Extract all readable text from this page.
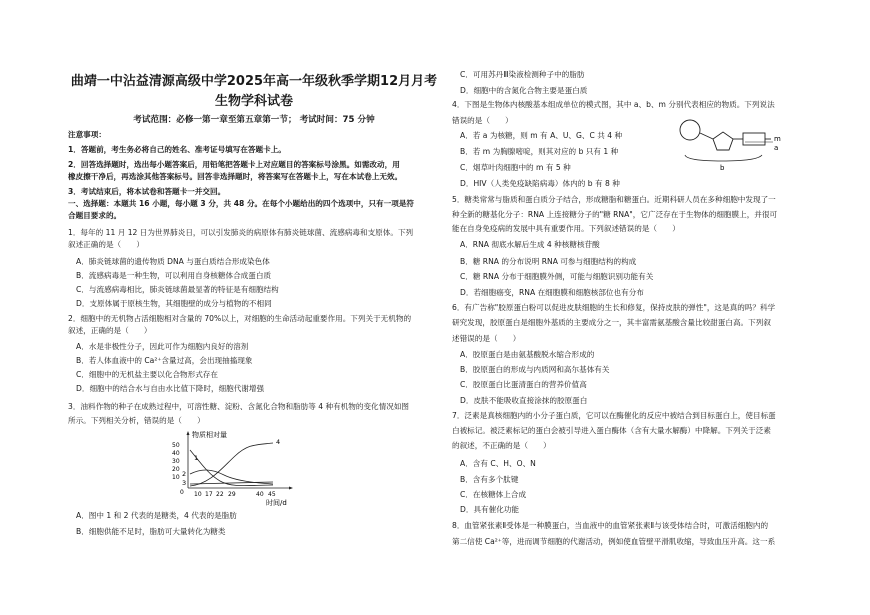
曲靖一中沾益清源高级中学2025年高一年级秋季学期12月月考
生物学科试卷
考试范围：必修一第一章至第五章第一节； 考试时间：75 分钟
注意事项：
1．答题前，考生务必将自己的姓名、准考证号填写在答题卡上。
2．回答选择题时，选出每小题答案后，用铅笔把答题卡上对应题目的答案标号涂黑。如需改动，用
橡皮擦干净后，再选涂其他答案标号。回答非选择题时，将答案写在答题卡上，写在本试卷上无效。
3．考试结束后，将本试卷和答题卡一并交回。
一、选择题：本题共 16 小题，每小题 3 分，共 48 分。在每个小题给出的四个选项中，只有一项是符
合题目要求的。
1．每年的 11 月 12 日为世界肺炎日，可以引发肺炎的病原体有肺炎链球菌、流感病毒和支原体。下列
叙述正确的是（　　）
A．肺炎链球菌的遗传物质 DNA 与蛋白质结合形成染色体
B．流感病毒是一种生物，可以利用自身核糖体合成蛋白质
C．与流感病毒相比，肺炎链球菌最显著的特征是有细胞结构
D．支原体属于原核生物，其细胞壁的成分与植物的不相同
2．细胞中的无机物占活细胞相对含量的 70%以上，对细胞的生命活动起重要作用。下列关于无机物的
叙述，正确的是（　　）
A．水是非极性分子，因此可作为细胞内良好的溶剂
B．若人体血液中的 Ca²⁺含量过高，会出现抽搐现象
C．细胞中的无机盐主要以化合物形式存在
D．细胞中的结合水与自由水比值下降时，细胞代谢增强
3．油料作物的种子在成熟过程中，可溶性糖、淀粉、含氮化合物和脂肪等 4 种有机物的变化情况如图
所示。下列相关分析，错误的是（　　）
物质相对量
50
40
30
20
10
0 10 17 22 29	40 45
时间/d
4
1
2
3
A．图中 1 和 2 代表的是糖类，4 代表的是脂肪
B．细胞供能不足时，脂肪可大量转化为糖类
C．可用苏丹Ⅲ染液检测种子中的脂肪
D．细胞中的含氮化合物主要是蛋白质
4．下图是生物体内核酸基本组成单位的模式图，其中 a、b、m 分别代表相应的物质。下列说法
错误的是（　　）
A．若 a 为核糖，则 m 有 A、U、G、C 共 4 种
B．若 m 为胸腺嘧啶，则其对应的 b 只有 1 种
C．烟草叶肉细胞中的 m 有 5 种
D．HIV（人类免疫缺陷病毒）体内的 b 有 8 种
m
a
b
5．糖类常常与脂质和蛋白质分子结合，形成糖脂和糖蛋白。近期科研人员在多种细胞中发现了一
种全新的糖基化分子：RNA 上连接糖分子的"糖 RNA"，它广泛存在于生物体的细胞膜上，并很可
能在自身免疫病的发展中具有重要作用。下列叙述错误的是（　　）
A．RNA 彻底水解后生成 4 种核糖核苷酸
B．糖 RNA 的分布说明 RNA 可参与细胞结构的构成
C．糖 RNA 分布于细胞膜外侧，可能与细胞识别功能有关
D．若细胞癌变，RNA 在细胞膜和细胞核部位也有分布
6．有广告称"胶原蛋白粉可以促进皮肤细胞的生长和修复，保持皮肤的弹性"，这是真的吗？科学
研究发现，胶原蛋白是细胞外基质的主要成分之一，其丰富需氨基酸含量比较甜蛋白高。下列叙
述错误的是（　　）
A．胶原蛋白是由氨基酸脱水缩合形成的
B．胶原蛋白的形成与内质网和高尔基体有关
C．胶原蛋白比蛋清蛋白的营养价值高
D．皮肤不能吸收直接涂抹的胶原蛋白
7．泛素是真核细胞内的小分子蛋白质，它可以在酶催化的反应中被结合到目标蛋白上，使目标蛋
白被标记。被泛素标记的蛋白会被引导进入蛋白酶体（含有大量水解酶）中降解。下列关于泛素
的叙述，不正确的是（　　）
A．含有 C、H、O、N
B．含有多个肽键
C．在核糖体上合成
D．具有催化功能
8．血管紧张素Ⅱ受体是一种膜蛋白，当血液中的血管紧张素Ⅱ与该受体结合时，可激活细胞内的
第二信使 Ca²⁺等，进而调节细胞的代谢活动，例如使血管壁平滑肌收缩，导致血压升高。这一系
